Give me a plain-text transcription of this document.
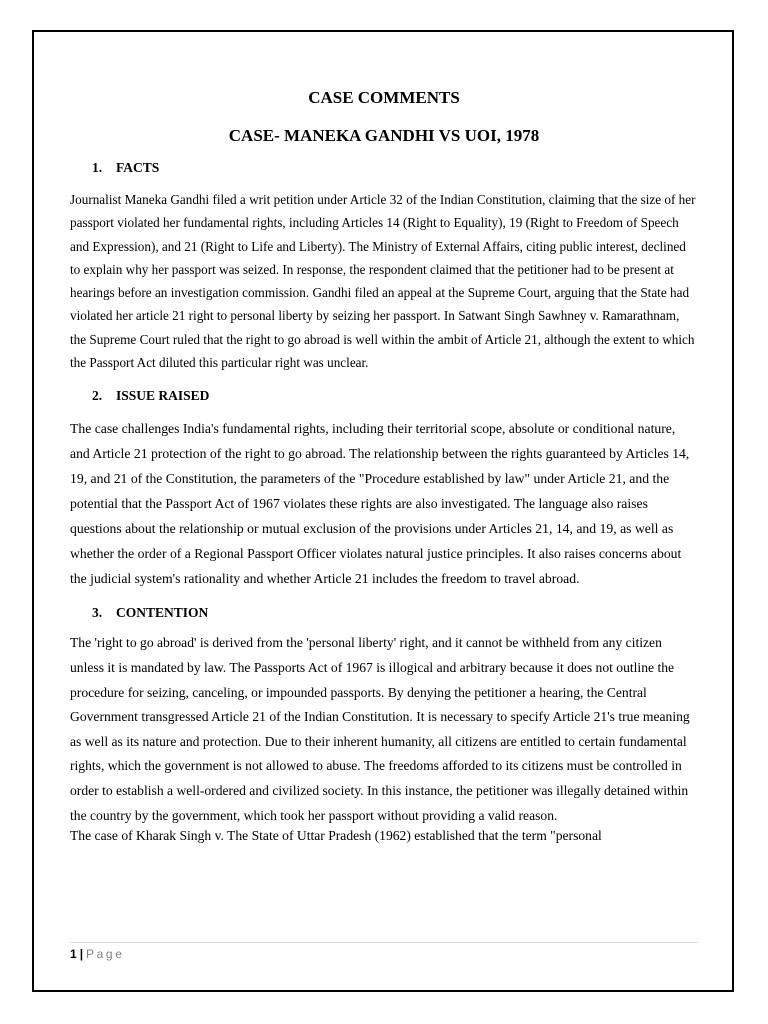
CASE COMMENTS

CASE- MANEKA GANDHI VS UOI, 1978

1. FACTS

Journalist Maneka Gandhi filed a writ petition under Article 32 of the Indian Constitution, claiming that the size of her passport violated her fundamental rights, including Articles 14 (Right to Equality), 19 (Right to Freedom of Speech and Expression), and 21 (Right to Life and Liberty). The Ministry of External Affairs, citing public interest, declined to explain why her passport was seized. In response, the respondent claimed that the petitioner had to be present at hearings before an investigation commission. Gandhi filed an appeal at the Supreme Court, arguing that the State had violated her article 21 right to personal liberty by seizing her passport. In Satwant Singh Sawhney v. Ramarathnam, the Supreme Court ruled that the right to go abroad is well within the ambit of Article 21, although the extent to which the Passport Act diluted this particular right was unclear.

2. ISSUE RAISED

The case challenges India's fundamental rights, including their territorial scope, absolute or conditional nature, and Article 21 protection of the right to go abroad. The relationship between the rights guaranteed by Articles 14, 19, and 21 of the Constitution, the parameters of the "Procedure established by law" under Article 21, and the potential that the Passport Act of 1967 violates these rights are also investigated. The language also raises questions about the relationship or mutual exclusion of the provisions under Articles 21, 14, and 19, as well as whether the order of a Regional Passport Officer violates natural justice principles. It also raises concerns about the judicial system's rationality and whether Article 21 includes the freedom to travel abroad.

3. CONTENTION

The 'right to go abroad' is derived from the 'personal liberty' right, and it cannot be withheld from any citizen unless it is mandated by law. The Passports Act of 1967 is illogical and arbitrary because it does not outline the procedure for seizing, canceling, or impounded passports. By denying the petitioner a hearing, the Central Government transgressed Article 21 of the Indian Constitution. It is necessary to specify Article 21's true meaning as well as its nature and protection. Due to their inherent humanity, all citizens are entitled to certain fundamental rights, which the government is not allowed to abuse. The freedoms afforded to its citizens must be controlled in order to establish a well-ordered and civilized society. In this instance, the petitioner was illegally detained within the country by the government, which took her passport without providing a valid reason.

The case of Kharak Singh v. The State of Uttar Pradesh (1962) established that the term "personal

1 | Page
